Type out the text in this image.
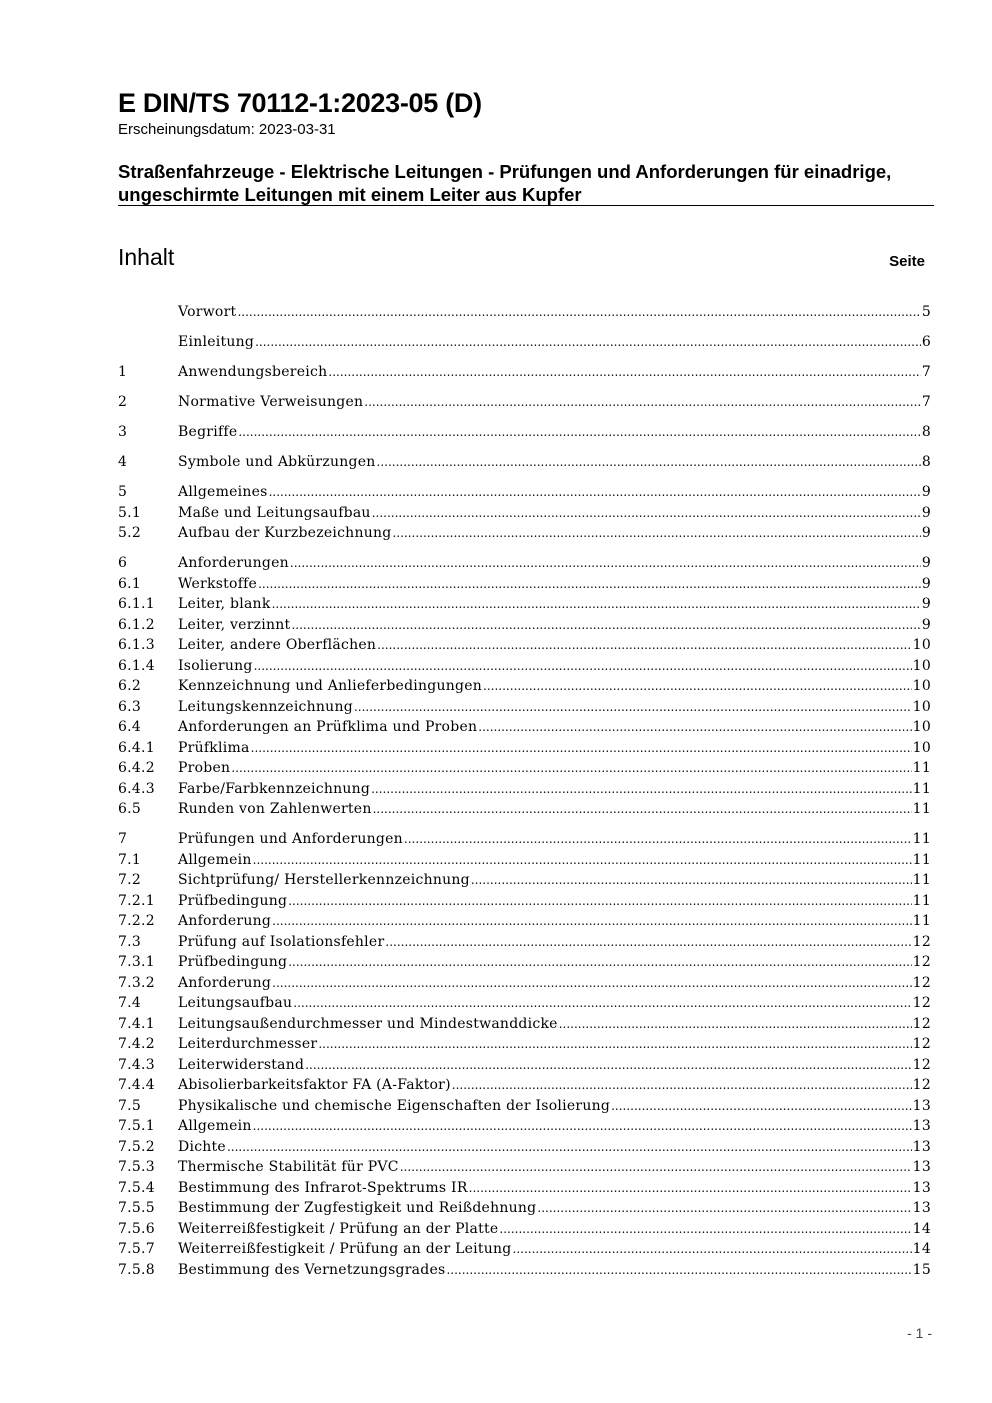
E DIN/TS 70112-1:2023-05 (D)
Erscheinungsdatum: 2023-03-31
Straßenfahrzeuge - Elektrische Leitungen - Prüfungen und Anforderungen für einadrige, ungeschirmte Leitungen mit einem Leiter aus Kupfer
Inhalt	Seite
Vorwort .....	5
Einleitung .....	6
1	Anwendungsbereich .....	7
2	Normative Verweisungen .....	7
3	Begriffe .....	8
4	Symbole und Abkürzungen .....	8
5	Allgemeines .....	9
5.1	Maße und Leitungsaufbau .....	9
5.2	Aufbau der Kurzbezeichnung .....	9
6	Anforderungen .....	9
6.1	Werkstoffe .....	9
6.1.1	Leiter, blank .....	9
6.1.2	Leiter, verzinnt .....	9
6.1.3	Leiter, andere Oberflächen .....	10
6.1.4	Isolierung .....	10
6.2	Kennzeichnung und Anlieferbedingungen .....	10
6.3	Leitungskennzeichnung .....	10
6.4	Anforderungen an Prüfklima und Proben .....	10
6.4.1	Prüfklima .....	10
6.4.2	Proben .....	11
6.4.3	Farbe/Farbkennzeichnung .....	11
6.5	Runden von Zahlenwerten .....	11
7	Prüfungen und Anforderungen .....	11
7.1	Allgemein .....	11
7.2	Sichtprüfung/ Herstellerkennzeichnung .....	11
7.2.1	Prüfbedingung .....	11
7.2.2	Anforderung .....	11
7.3	Prüfung auf Isolationsfehler .....	12
7.3.1	Prüfbedingung .....	12
7.3.2	Anforderung .....	12
7.4	Leitungsaufbau .....	12
7.4.1	Leitungsaußendurchmesser und Mindestwanddicke .....	12
7.4.2	Leiterdurchmesser .....	12
7.4.3	Leiterwiderstand .....	12
7.4.4	Abisolierbarkeitsfaktor FA (A-Faktor) .....	12
7.5	Physikalische und chemische Eigenschaften der Isolierung .....	13
7.5.1	Allgemein .....	13
7.5.2	Dichte .....	13
7.5.3	Thermische Stabilität für PVC .....	13
7.5.4	Bestimmung des Infrarot-Spektrums IR .....	13
7.5.5	Bestimmung der Zugfestigkeit und Reißdehnung .....	13
7.5.6	Weiterreißfestigkeit / Prüfung an der Platte .....	14
7.5.7	Weiterreißfestigkeit / Prüfung an der Leitung .....	14
7.5.8	Bestimmung des Vernetzungsgrades .....	15
- 1 -
